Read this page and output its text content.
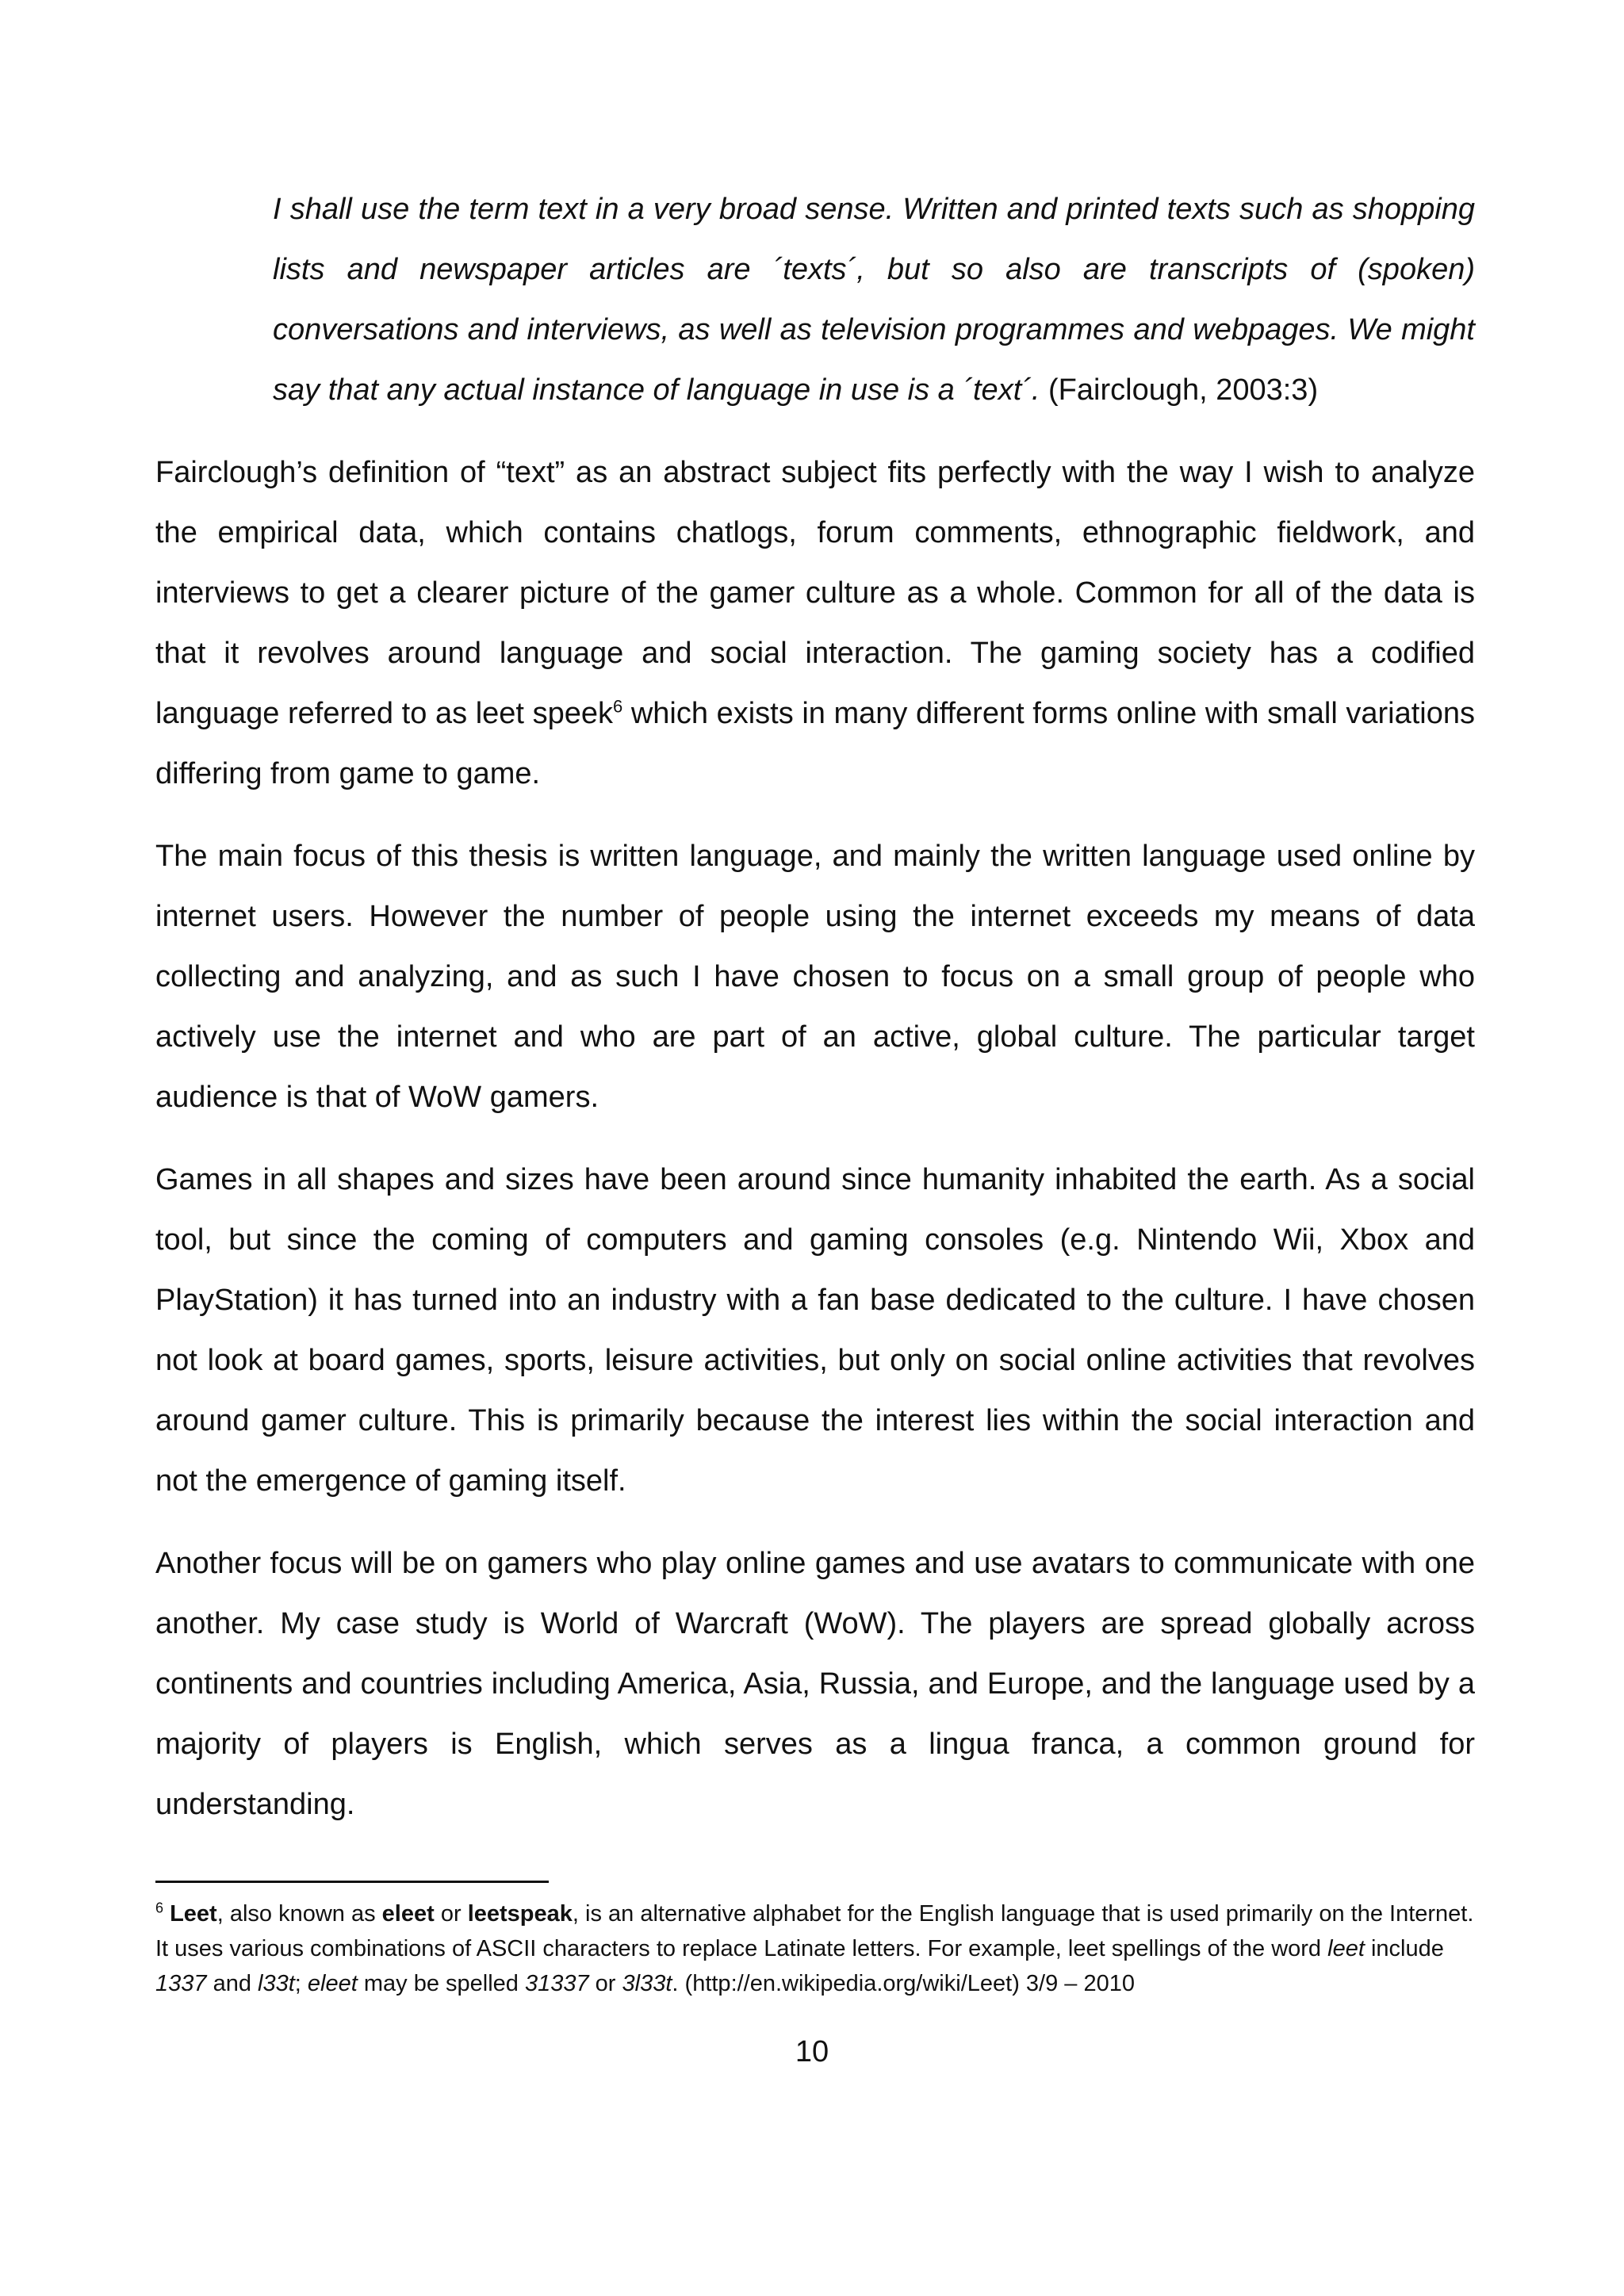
I shall use the term text in a very broad sense. Written and printed texts such as shopping lists and newspaper articles are ´texts´, but so also are transcripts of (spoken) conversations and interviews, as well as television programmes and webpages. We might say that any actual instance of language in use is a ´text´. (Fairclough, 2003:3)

Fairclough’s definition of “text” as an abstract subject fits perfectly with the way I wish to analyze the empirical data, which contains chatlogs, forum comments, ethnographic fieldwork, and interviews to get a clearer picture of the gamer culture as a whole. Common for all of the data is that it revolves around language and social interaction. The gaming society has a codified language referred to as leet speek$^6$ which exists in many different forms online with small variations differing from game to game.

The main focus of this thesis is written language, and mainly the written language used online by internet users. However the number of people using the internet exceeds my means of data collecting and analyzing, and as such I have chosen to focus on a small group of people who actively use the internet and who are part of an active, global culture. The particular target audience is that of WoW gamers.

Games in all shapes and sizes have been around since humanity inhabited the earth. As a social tool, but since the coming of computers and gaming consoles (e.g. Nintendo Wii, Xbox and PlayStation) it has turned into an industry with a fan base dedicated to the culture. I have chosen not look at board games, sports, leisure activities, but only on social online activities that revolves around gamer culture. This is primarily because the interest lies within the social interaction and not the emergence of gaming itself.

Another focus will be on gamers who play online games and use avatars to communicate with one another. My case study is World of Warcraft (WoW). The players are spread globally across continents and countries including America, Asia, Russia, and Europe, and the language used by a majority of players is English, which serves as a lingua franca, a common ground for understanding.

$^6$ Leet, also known as eleet or leetspeak, is an alternative alphabet for the English language that is used primarily on the Internet. It uses various combinations of ASCII characters to replace Latinate letters. For example, leet spellings of the word leet include 1337 and l33t; eleet may be spelled 31337 or 3l33t. (http://en.wikipedia.org/wiki/Leet) 3/9 – 2010
10
